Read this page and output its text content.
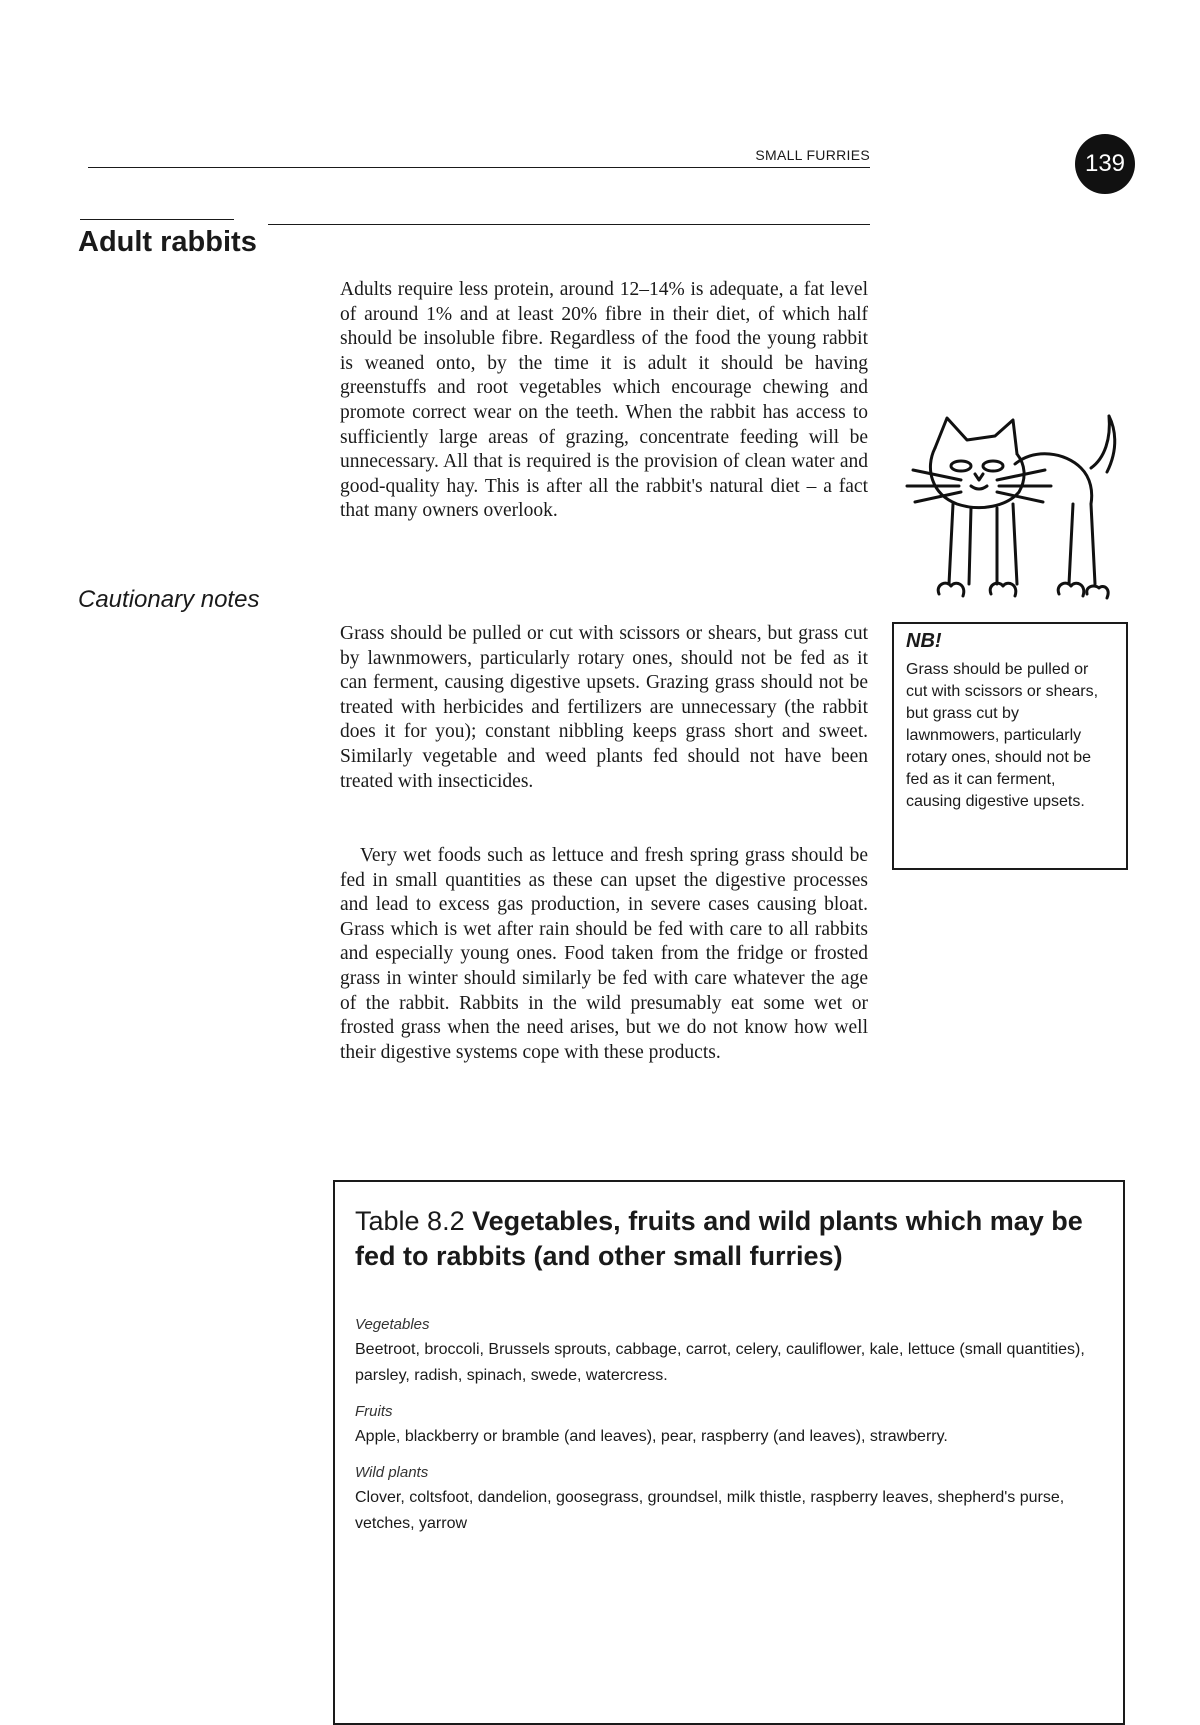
SMALL FURRIES	139
Adult rabbits
Cautionary notes

Adults require less protein, around 12–14% is adequate, a fat level of around 1% and at least 20% fibre in their diet, of which half should be insoluble fibre. Regardless of the food the young rabbit is weaned onto, by the time it is adult it should be having greenstuffs and root vegetables which encourage chewing and promote correct wear on the teeth. When the rabbit has access to sufficiently large areas of grazing, concentrate feeding will be unnecessary. All that is required is the provision of clean water and good-quality hay. This is after all the rabbit's natural diet – a fact that many owners overlook.

Grass should be pulled or cut with scissors or shears, but grass cut by lawnmowers, particularly rotary ones, should not be fed as it can ferment, causing digestive upsets. Grazing grass should not be treated with herbicides and fertilizers are unnecessary (the rabbit does it for you); constant nibbling keeps grass short and sweet. Similarly vegetable and weed plants fed should not have been treated with insecticides.

Very wet foods such as lettuce and fresh spring grass should be fed in small quantities as these can upset the digestive processes and lead to excess gas production, in severe cases causing bloat. Grass which is wet after rain should be fed with care to all rabbits and especially young ones. Food taken from the fridge or frosted grass in winter should similarly be fed with care whatever the age of the rabbit. Rabbits in the wild presumably eat some wet or frosted grass when the need arises, but we do not know how well their digestive systems cope with these products.

NB!

Grass should be pulled or cut with scissors or shears, but grass cut by lawnmowers, particularly rotary ones, should not be fed as it can ferment, causing digestive upsets.

Table 8.2 Vegetables, fruits and wild plants which may be fed to rabbits (and other small furries)

Vegetables

Beetroot, broccoli, Brussels sprouts, cabbage, carrot, celery, cauliflower, kale, lettuce (small quantities), parsley, radish, spinach, swede, watercress.

Fruits

Apple, blackberry or bramble (and leaves), pear, raspberry (and leaves), strawberry.

Wild plants

Clover, coltsfoot, dandelion, goosegrass, groundsel, milk thistle, raspberry leaves, shepherd's purse, vetches, yarrow
